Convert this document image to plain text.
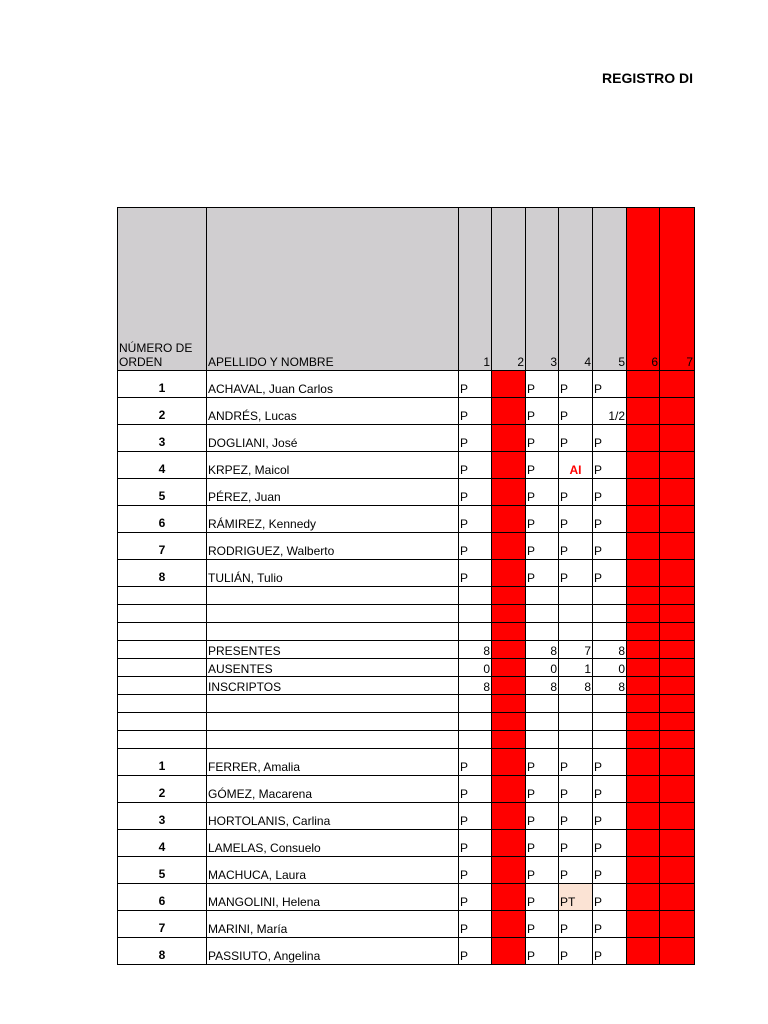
REGISTRO DI
NÚMERO DE ORDEN	APELLIDO Y NOMBRE	1	2	3	4	5	6	7
1	ACHAVAL, Juan Carlos	P		P	P	P		
2	ANDRÉS, Lucas	P		P	P	1/2		
3	DOGLIANI, José	P		P	P	P		
4	KRPEZ, Maicol	P		P	AI	P		
5	PÉREZ, Juan	P		P	P	P		
6	RÁMIREZ, Kennedy	P		P	P	P		
7	RODRIGUEZ, Walberto	P		P	P	P		
8	TULIÁN, Tulio	P		P	P	P		

	PRESENTES	8		8	7	8		
	AUSENTES	0		0	1	0		
	INSCRIPTOS	8		8	8	8		

1	FERRER, Amalia	P		P	P	P		
2	GÓMEZ, Macarena	P		P	P	P		
3	HORTOLANIS, Carlina	P		P	P	P		
4	LAMELAS, Consuelo	P		P	P	P		
5	MACHUCA, Laura	P		P	P	P		
6	MANGOLINI, Helena	P		P	PT	P		
7	MARINI, María	P		P	P	P		
8	PASSIUTO, Angelina	P		P	P	P		
